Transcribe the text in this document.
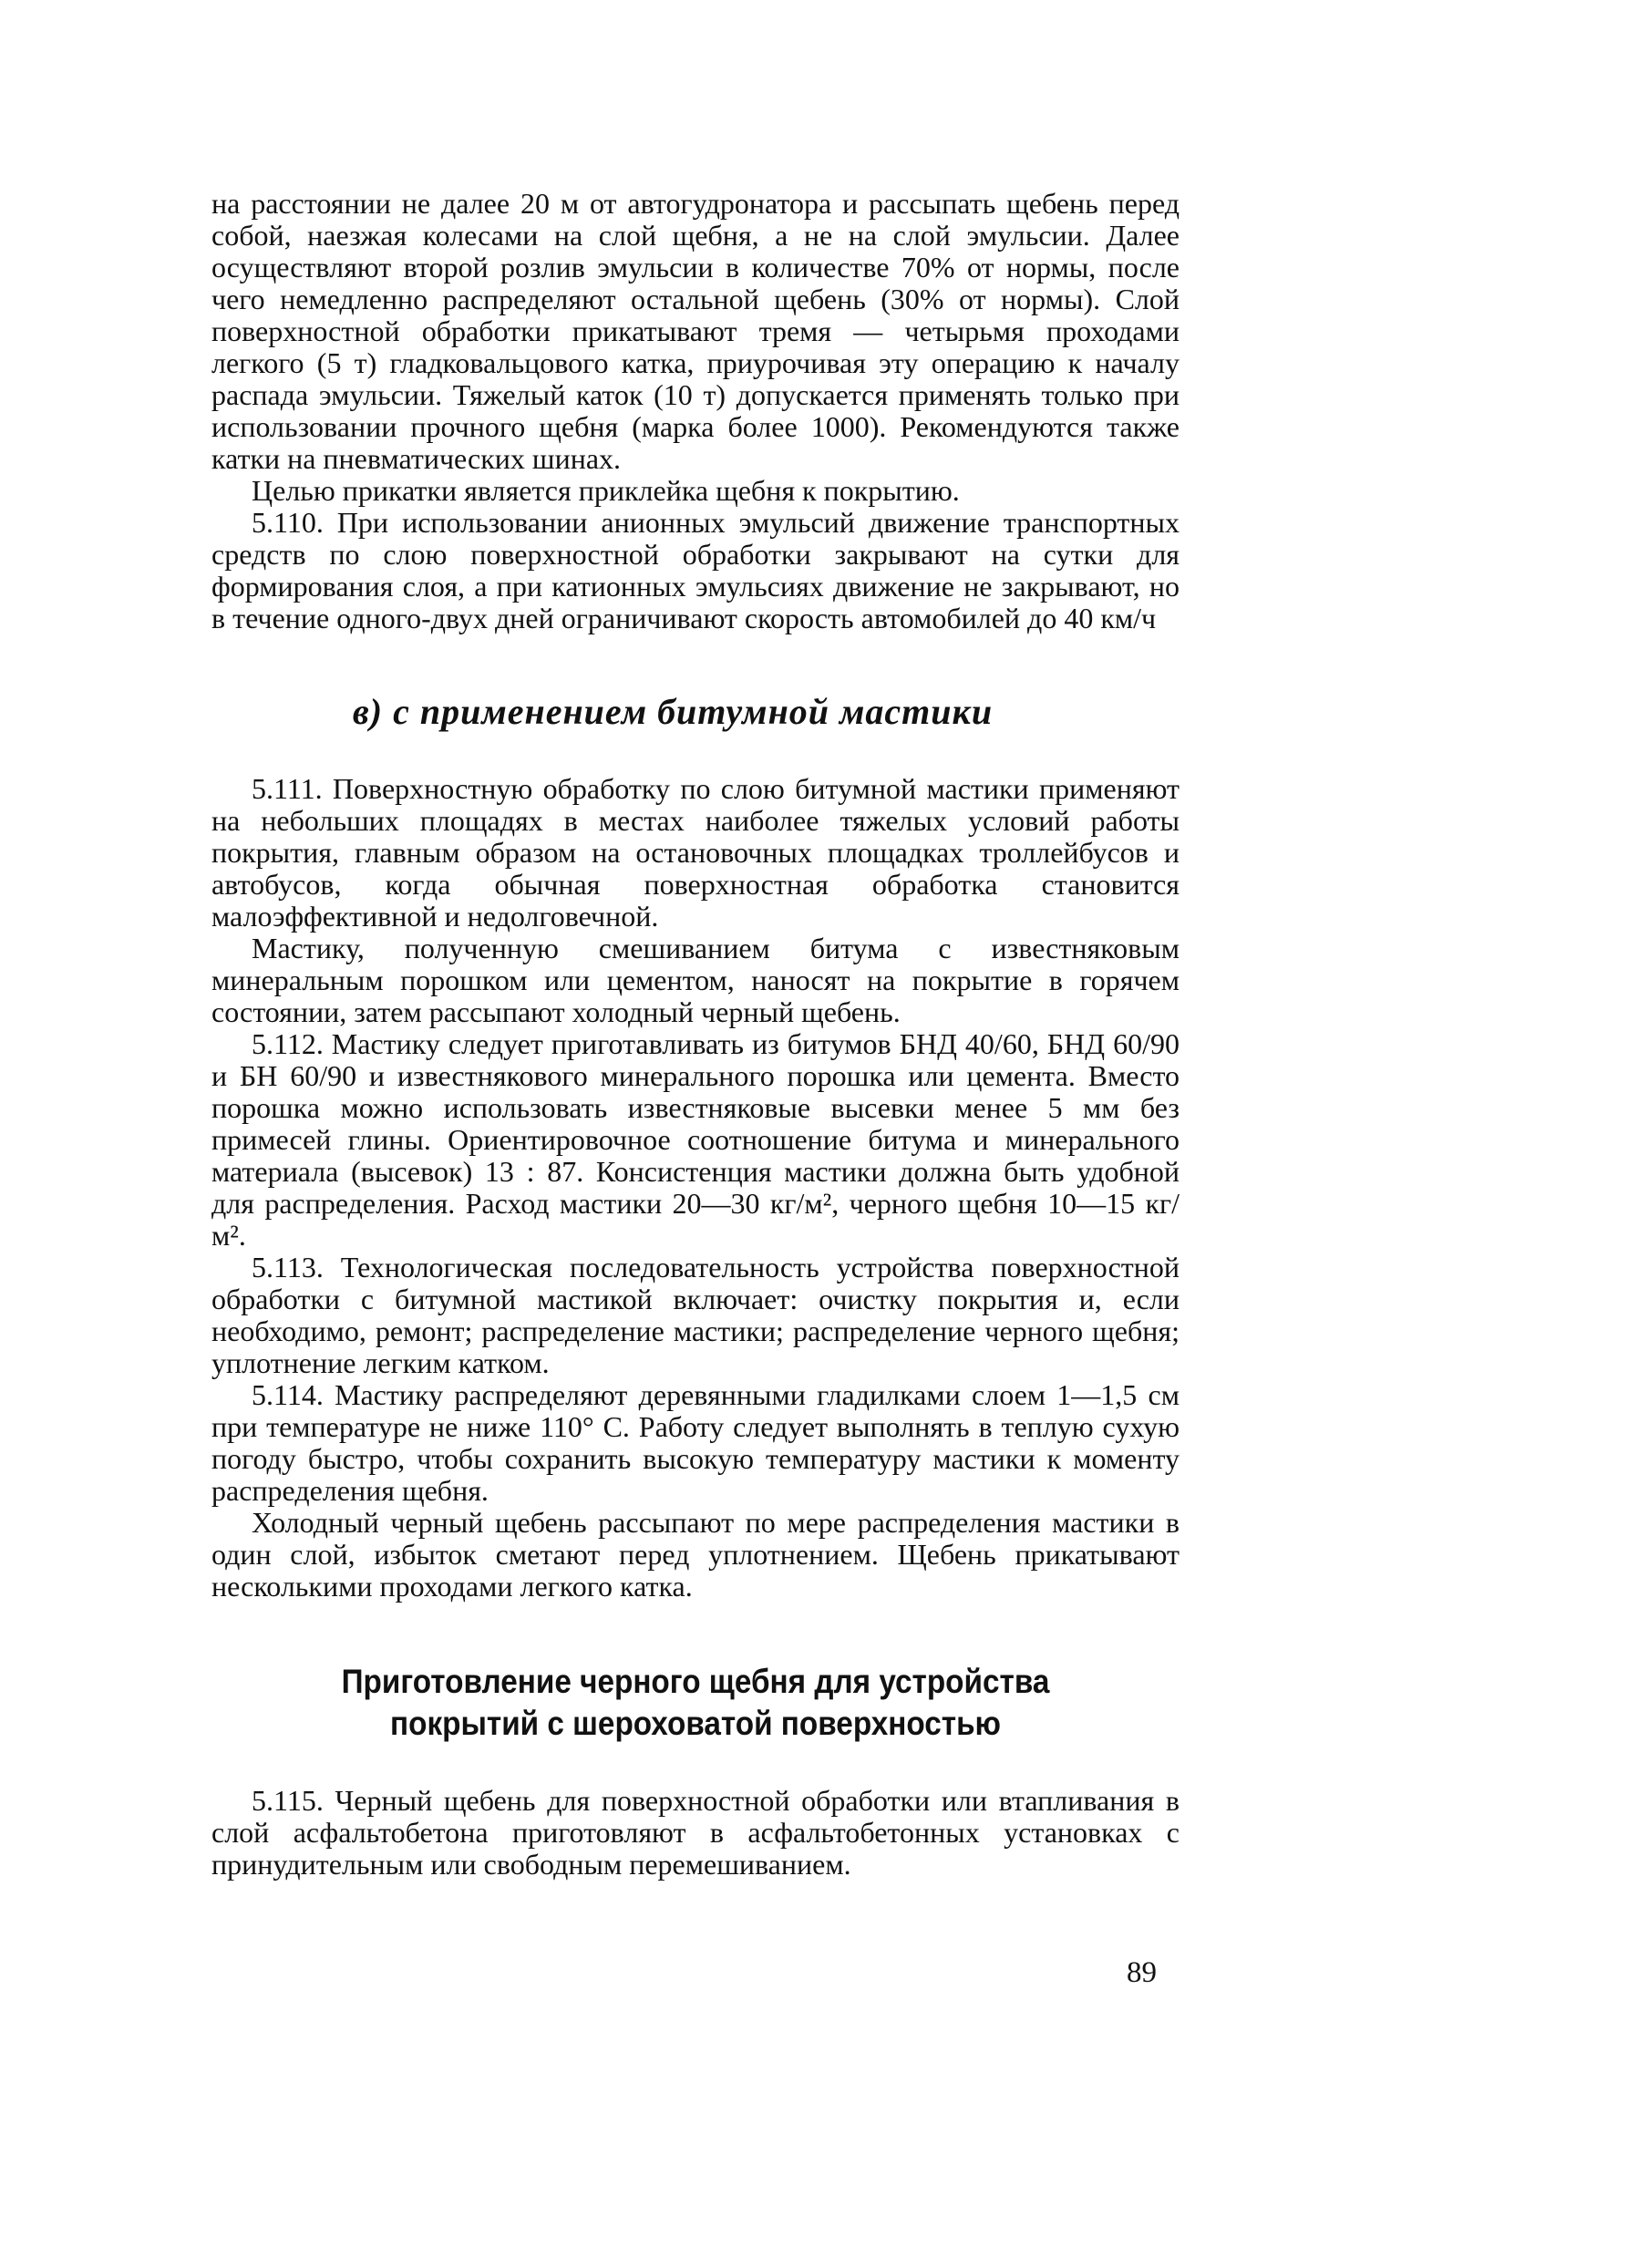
на расстоянии не далее 20 м от автогудронатора и рассыпать щебень перед собой, наезжая колесами на слой щебня, а не на слой эмульсии. Далее осуществляют второй розлив эмульсии в количестве 70% от нормы, после чего немедленно распределяют остальной щебень (30% от нормы). Слой поверхностной обработки прикатывают тремя — четырьмя проходами легкого (5 т) гладковальцового катка, приурочивая эту операцию к началу распада эмульсии. Тяжелый каток (10 т) допускается применять только при использовании прочного щебня (марка более 1000). Рекомендуются также катки на пневматических шинах.

Целью прикатки является приклейка щебня к покрытию.

5.110. При использовании анионных эмульсий движение транспортных средств по слою поверхностной обработки закрывают на сутки для формирования слоя, а при катионных эмульсиях движение не закрывают, но в течение одного-двух дней ограничивают скорость автомобилей до 40 км/ч

в) с применением битумной мастики

5.111. Поверхностную обработку по слою битумной мастики применяют на небольших площадях в местах наиболее тяжелых условий работы покрытия, главным образом на остановочных площадках троллейбусов и автобусов, когда обычная поверхностная обработка становится малоэффективной и недолговечной.

Мастику, полученную смешиванием битума с известняковым минеральным порошком или цементом, наносят на покрытие в горячем состоянии, затем рассыпают холодный черный щебень.

5.112. Мастику следует приготавливать из битумов БНД 40/60, БНД 60/90 и БН 60/90 и известнякового минерального порошка или цемента. Вместо порошка можно использовать известняковые высевки менее 5 мм без примесей глины. Ориентировочное соотношение битума и минерального материала (высевок) 13 : 87. Консистенция мастики должна быть удобной для распределения. Расход мастики 20—30 кг/м², черного щебня 10—15 кг/м².

5.113. Технологическая последовательность устройства поверхностной обработки с битумной мастикой включает: очистку покрытия и, если необходимо, ремонт; распределение мастики; распределение черного щебня; уплотнение легким катком.

5.114. Мастику распределяют деревянными гладилками слоем 1—1,5 см при температуре не ниже 110° С. Работу следует выполнять в теплую сухую погоду быстро, чтобы сохранить высокую температуру мастики к моменту распределения щебня.

Холодный черный щебень рассыпают по мере распределения мастики в один слой, избыток сметают перед уплотнением. Щебень прикатывают несколькими проходами легкого катка.

Приготовление черного щебня для устройства
покрытий с шероховатой поверхностью

5.115. Черный щебень для поверхностной обработки или втапливания в слой асфальтобетона приготовляют в асфальтобетонных установках с принудительным или свободным перемешиванием.

89
